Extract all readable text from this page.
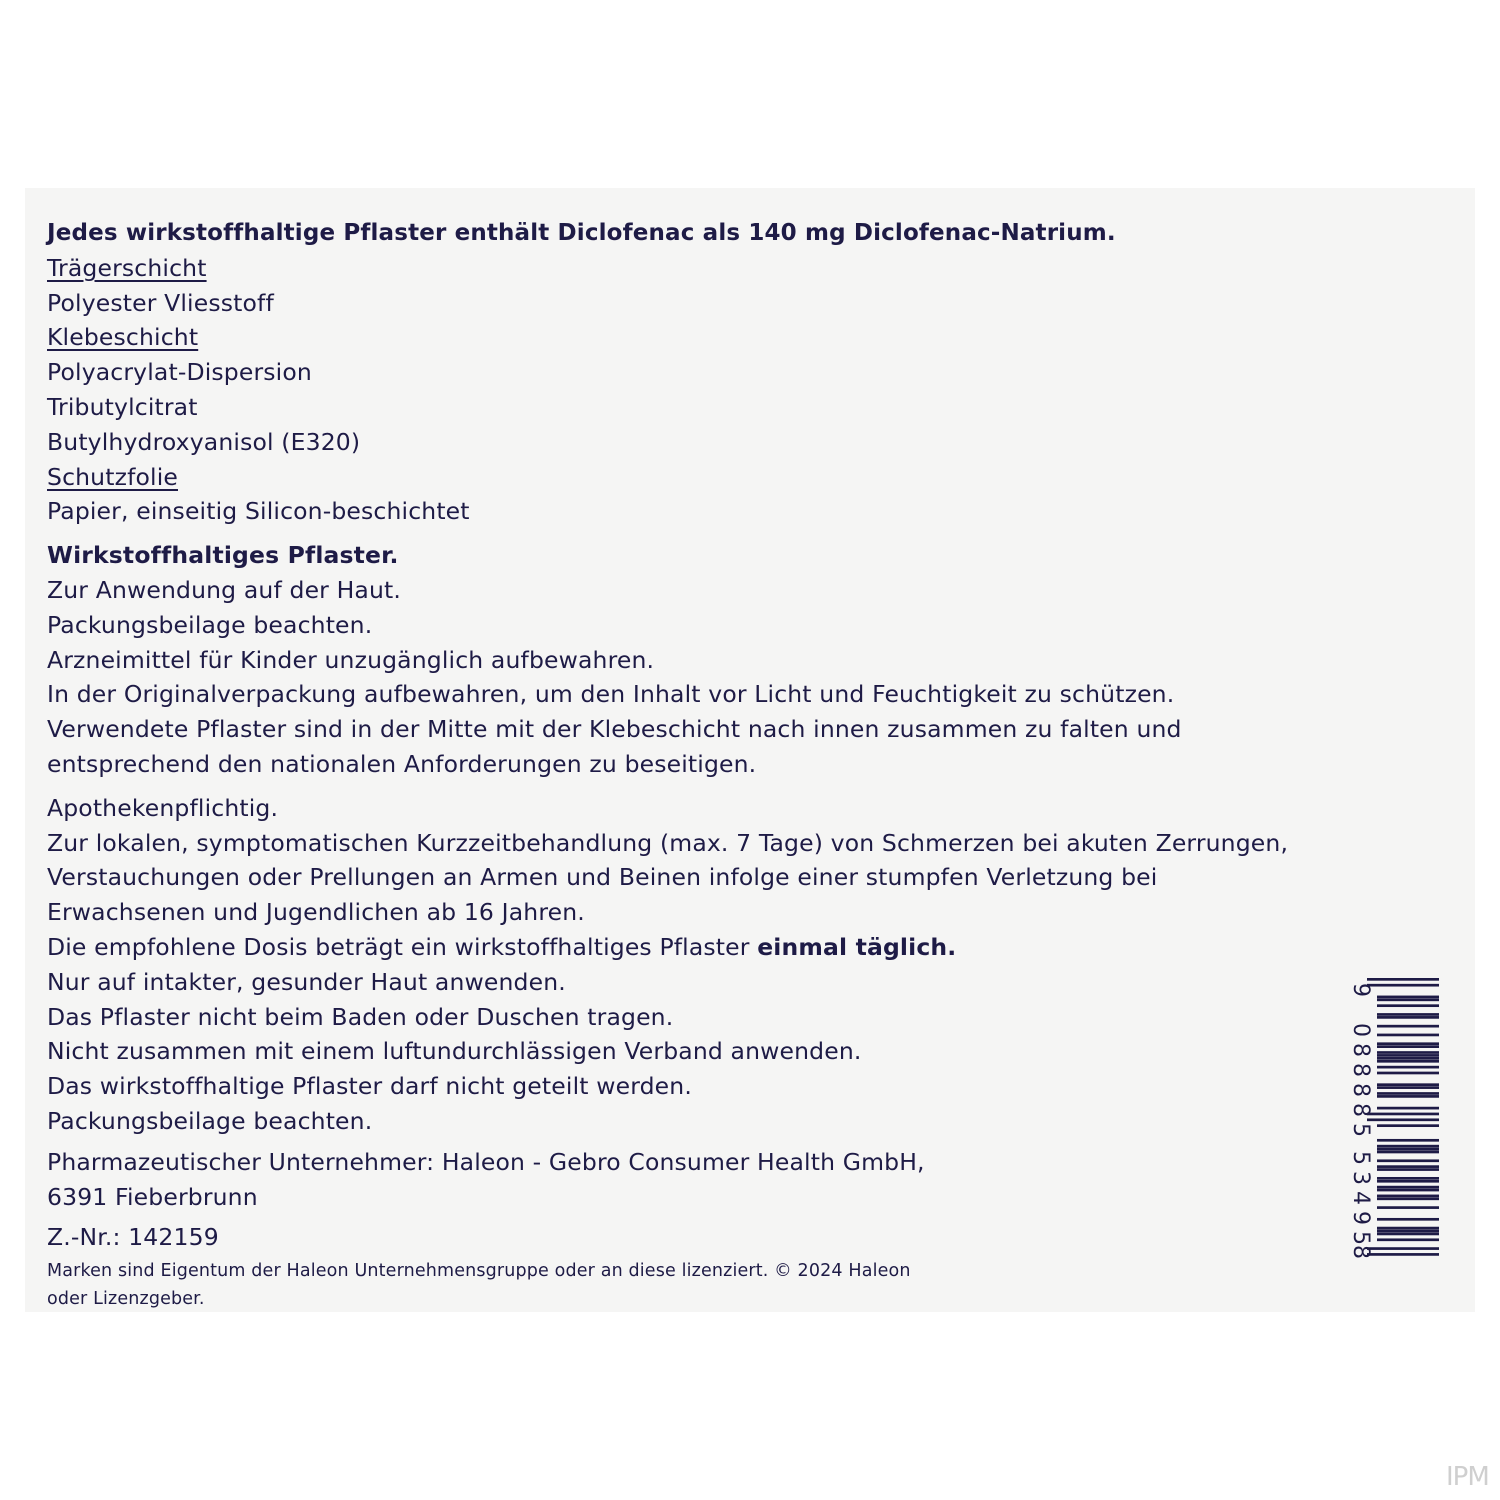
Jedes wirkstoffhaltige Pflaster enthält Diclofenac als 140 mg Diclofenac-Natrium.
Trägerschicht
Polyester Vliesstoff
Klebeschicht
Polyacrylat-Dispersion
Tributylcitrat
Butylhydroxyanisol (E320)
Schutzfolie
Papier, einseitig Silicon-beschichtet
Wirkstoffhaltiges Pflaster.
Zur Anwendung auf der Haut.
Packungsbeilage beachten.
Arzneimittel für Kinder unzugänglich aufbewahren.
In der Originalverpackung aufbewahren, um den Inhalt vor Licht und Feuchtigkeit zu schützen.
Verwendete Pflaster sind in der Mitte mit der Klebeschicht nach innen zusammen zu falten und
entsprechend den nationalen Anforderungen zu beseitigen.
Apothekenpflichtig.
Zur lokalen, symptomatischen Kurzzeitbehandlung (max. 7 Tage) von Schmerzen bei akuten Zerrungen,
Verstauchungen oder Prellungen an Armen und Beinen infolge einer stumpfen Verletzung bei
Erwachsenen und Jugendlichen ab 16 Jahren.
Die empfohlene Dosis beträgt ein wirkstoffhaltiges Pflaster einmal täglich.
Nur auf intakter, gesunder Haut anwenden.
Das Pflaster nicht beim Baden oder Duschen tragen.
Nicht zusammen mit einem luftundurchlässigen Verband anwenden.
Das wirkstoffhaltige Pflaster darf nicht geteilt werden.
Packungsbeilage beachten.
Pharmazeutischer Unternehmer: Haleon - Gebro Consumer Health GmbH,
6391 Fieberbrunn
Z.-Nr.: 142159
Marken sind Eigentum der Haleon Unternehmensgruppe oder an diese lizenziert. © 2024 Haleon
oder Lizenzgeber.
9
0
8
8
8
8
5
5
3
4
9
5
8
IPM
